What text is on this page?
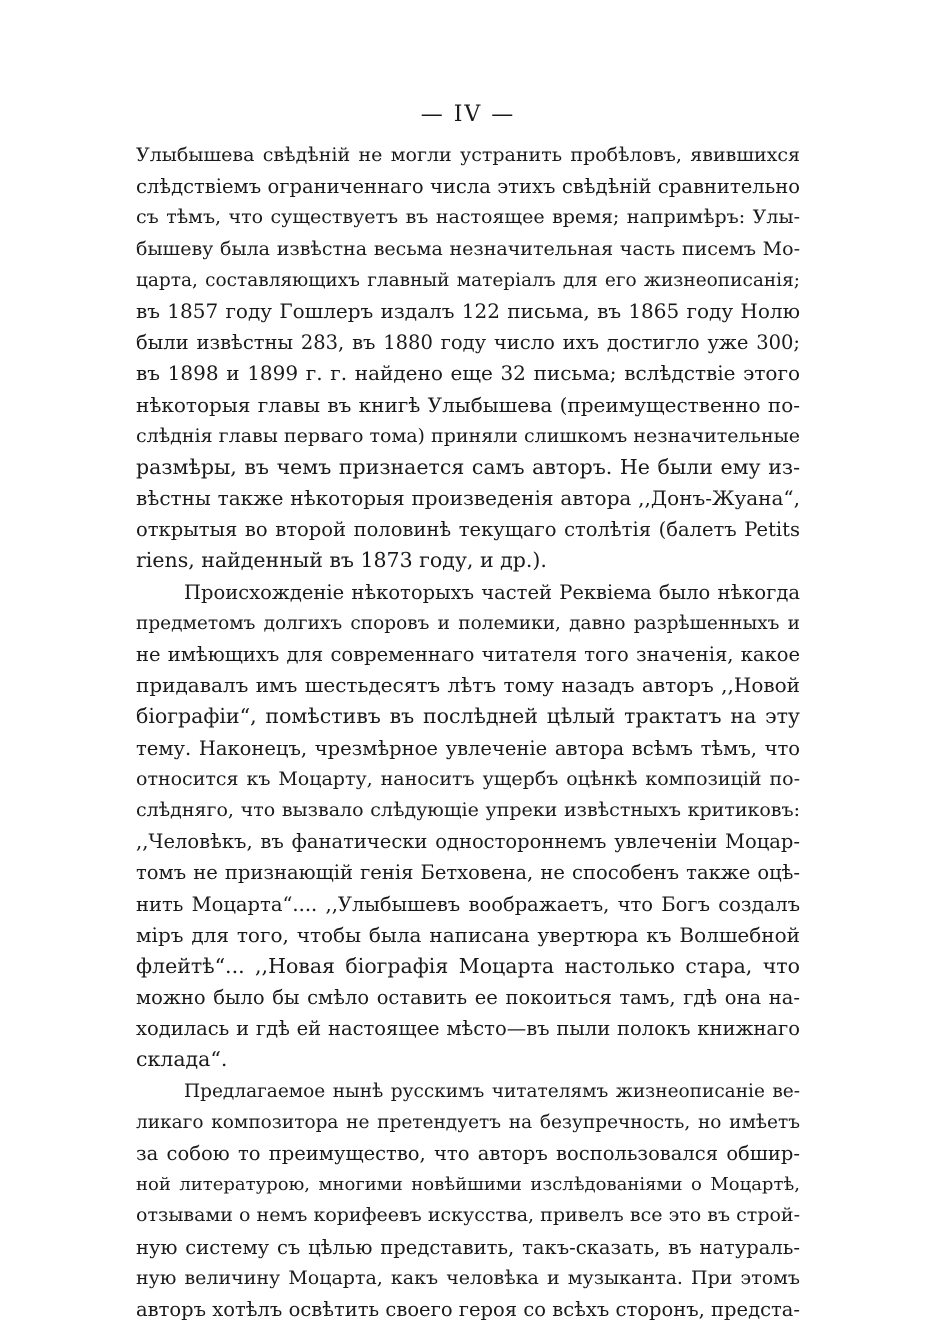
— IV —
Улыбышева свѣдѣній не могли устранить пробѣловъ, явившихся
слѣдствіемъ ограниченнаго числа этихъ свѣдѣній сравнительно
съ тѣмъ, что существуетъ въ настоящее время; напримѣръ: Улы-
бышеву была извѣстна весьма незначительная часть писемъ Мо-
царта, составляющихъ главный матеріалъ для его жизнеописанія;
въ 1857 году Гошлеръ издалъ 122 письма, въ 1865 году Нолю
были извѣстны 283, въ 1880 году число ихъ достигло уже 300;
въ 1898 и 1899 г. г. найдено еще 32 письма; вслѣдствіе этого
нѣкоторыя главы въ книгѣ Улыбышева (преимущественно по-
слѣднія главы перваго тома) приняли слишкомъ незначительные
размѣры, въ чемъ признается самъ авторъ. Не были ему из-
вѣстны также нѣкоторыя произведенія автора ,,Донъ-Жуана“,
открытыя во второй половинѣ текущаго столѣтія (балетъ Petits
riens, найденный въ 1873 году, и др.).
Происхожденіе нѣкоторыхъ частей Реквіема было нѣкогда
предметомъ долгихъ споровъ и полемики, давно разрѣшенныхъ и
не имѣющихъ для современнаго читателя того значенія, какое
придавалъ имъ шестьдесятъ лѣтъ тому назадъ авторъ ,,Новой
біографіи“, помѣстивъ въ послѣдней цѣлый трактатъ на эту
тему. Наконецъ, чрезмѣрное увлеченіе автора всѣмъ тѣмъ, что
относится къ Моцарту, наноситъ ущербъ оцѣнкѣ композицій по-
слѣдняго, что вызвало слѣдующіе упреки извѣстныхъ критиковъ:
,,Человѣкъ, въ фанатически одностороннемъ увлеченіи Моцар-
томъ не признающій генія Бетховена, не способенъ также оцѣ-
нить Моцарта“.... ,,Улыбышевъ воображаетъ, что Богъ создалъ
міръ для того, чтобы была написана увертюра къ Волшебной
флейтѣ“... ,,Новая біографія Моцарта настолько стара, что
можно было бы смѣло оставить ее покоиться тамъ, гдѣ она на-
ходилась и гдѣ ей настоящее мѣсто—въ пыли полокъ книжнаго
склада“.
Предлагаемое нынѣ русскимъ читателямъ жизнеописаніе ве-
ликаго композитора не претендуетъ на безупречность, но имѣетъ
за собою то преимущество, что авторъ воспользовался обшир-
ной литературою, многими новѣйшими изслѣдованіями о Моцартѣ,
отзывами о немъ корифеевъ искусства, привелъ все это въ строй-
ную систему съ цѣлью представить, такъ-сказать, въ натураль-
ную величину Моцарта, какъ человѣка и музыканта. При этомъ
авторъ хотѣлъ освѣтить своего героя со всѣхъ сторонъ, предста-
